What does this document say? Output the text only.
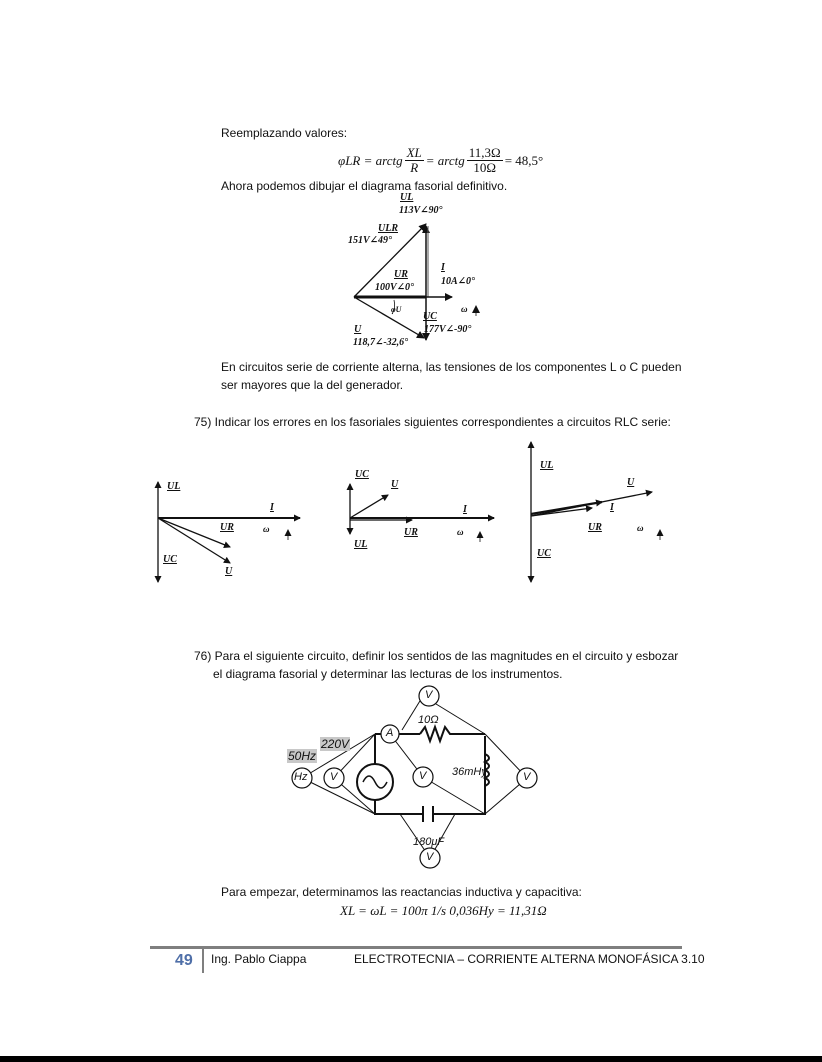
Reemplazando valores:
φLR = arctg $\frac{XL}{R}$ = arctg $\frac{11,3\Omega}{10\Omega} = 48,5^\circ$
Ahora podemos dibujar el diagrama fasorial definitivo.
UL
113V∠90°
ULR
151V∠49°
UR
100V∠0°
I
10A∠0°
φU	ω
UC
177V∠-90°
U
118,7∠-32,6°
En circuitos serie de corriente alterna, las tensiones de los componentes L o C pueden
ser mayores que la del generador.
75) Indicar los errores en los fasoriales siguientes correspondientes a circuitos RLC serie:
UL
I
UR	ω
UC
U
UC
U
I
UR	ω
UL
UL
U
I
UR	ω
UC
76) Para el siguiente circuito, definir los sentidos de las magnitudes en el circuito y esbozar
el diagrama fasorial y determinar las lecturas de los instrumentos.
Hz V
A
V
V	V
V
50Hz
220V
10Ω
36mHy
180μF
Para empezar, determinamos las reactancias inductiva y capacitiva:
XL = ωL = 100π 1/s 0,036Hy = 11,31Ω
49 Ing. Pablo Ciappa	ELECTROTECNIA – CORRIENTE ALTERNA MONOFÁSICA 3.10
